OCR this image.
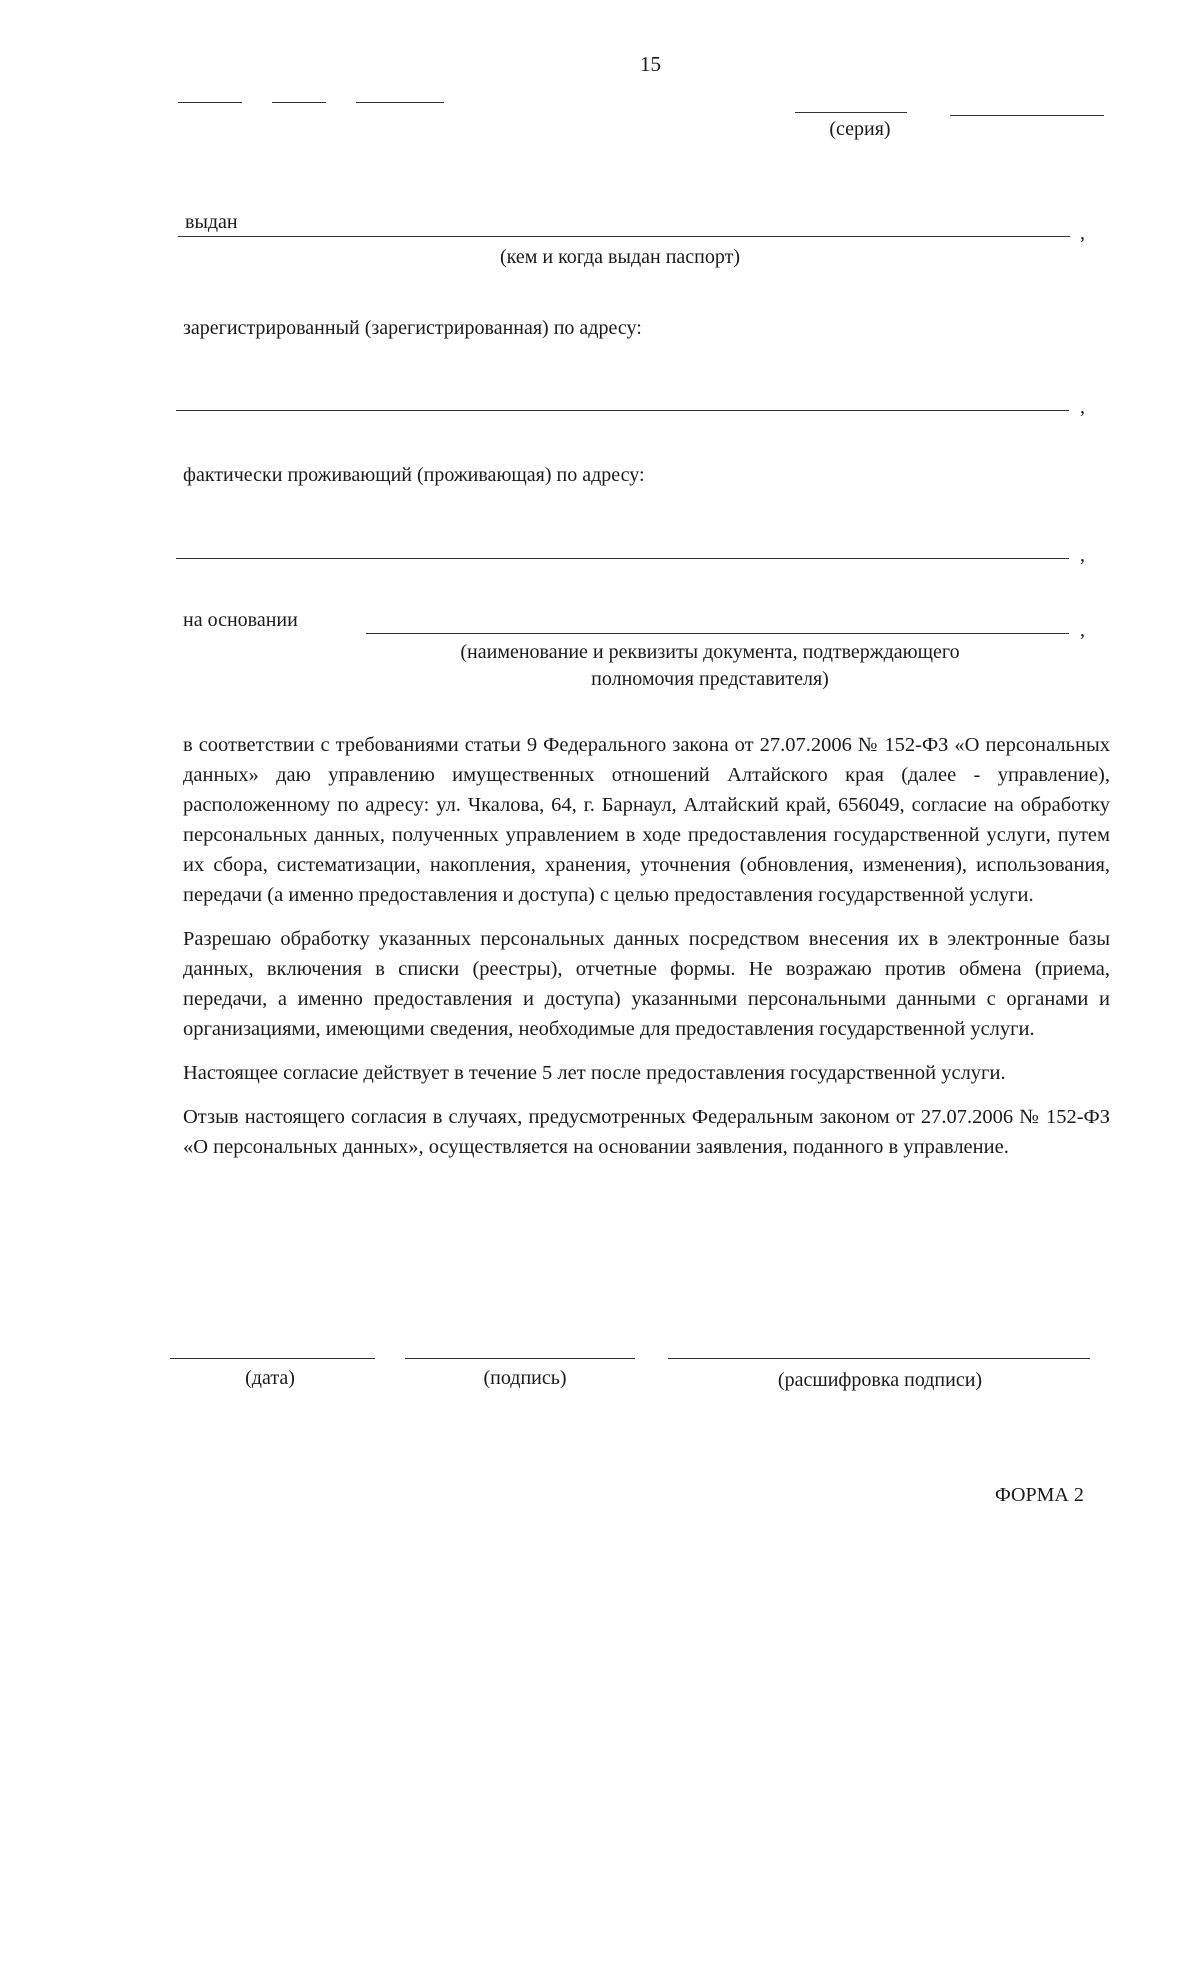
15
(серия)
выдан	,
(кем и когда выдан паспорт)
зарегистрированный (зарегистрированная) по адресу:
,
фактически проживающий (проживающая) по адресу:
,
на основании	,
(наименование и реквизиты документа, подтверждающего
полномочия представителя)

в соответствии с требованиями статьи 9 Федерального закона от 27.07.2006 № 152-ФЗ «О персональных данных» даю управлению имущественных отношений Алтайского края (далее - управление), расположенному по адресу: ул. Чкалова, 64, г. Барнаул, Алтайский край, 656049, согласие на обработку персональных данных, полученных управлением в ходе предоставления государственной услуги, путем их сбора, систематизации, накопления, хранения, уточнения (обновления, изменения), использования, передачи (а именно предоставления и доступа) с целью предоставления государственной услуги.

Разрешаю обработку указанных персональных данных посредством внесения их в электронные базы данных, включения в списки (реестры), отчетные формы. Не возражаю против обмена (приема, передачи, а именно предоставления и доступа) указанными персональными данными с органами и организациями, имеющими сведения, необходимые для предоставления государственной услуги.

Настоящее согласие действует в течение 5 лет после предоставления государственной услуги.

Отзыв настоящего согласия в случаях, предусмотренных Федеральным законом от 27.07.2006 № 152-ФЗ «О персональных данных», осуществляется на основании заявления, поданного в управление.

(дата)	(подпись)	(расшифровка подписи)
ФОРМА 2
